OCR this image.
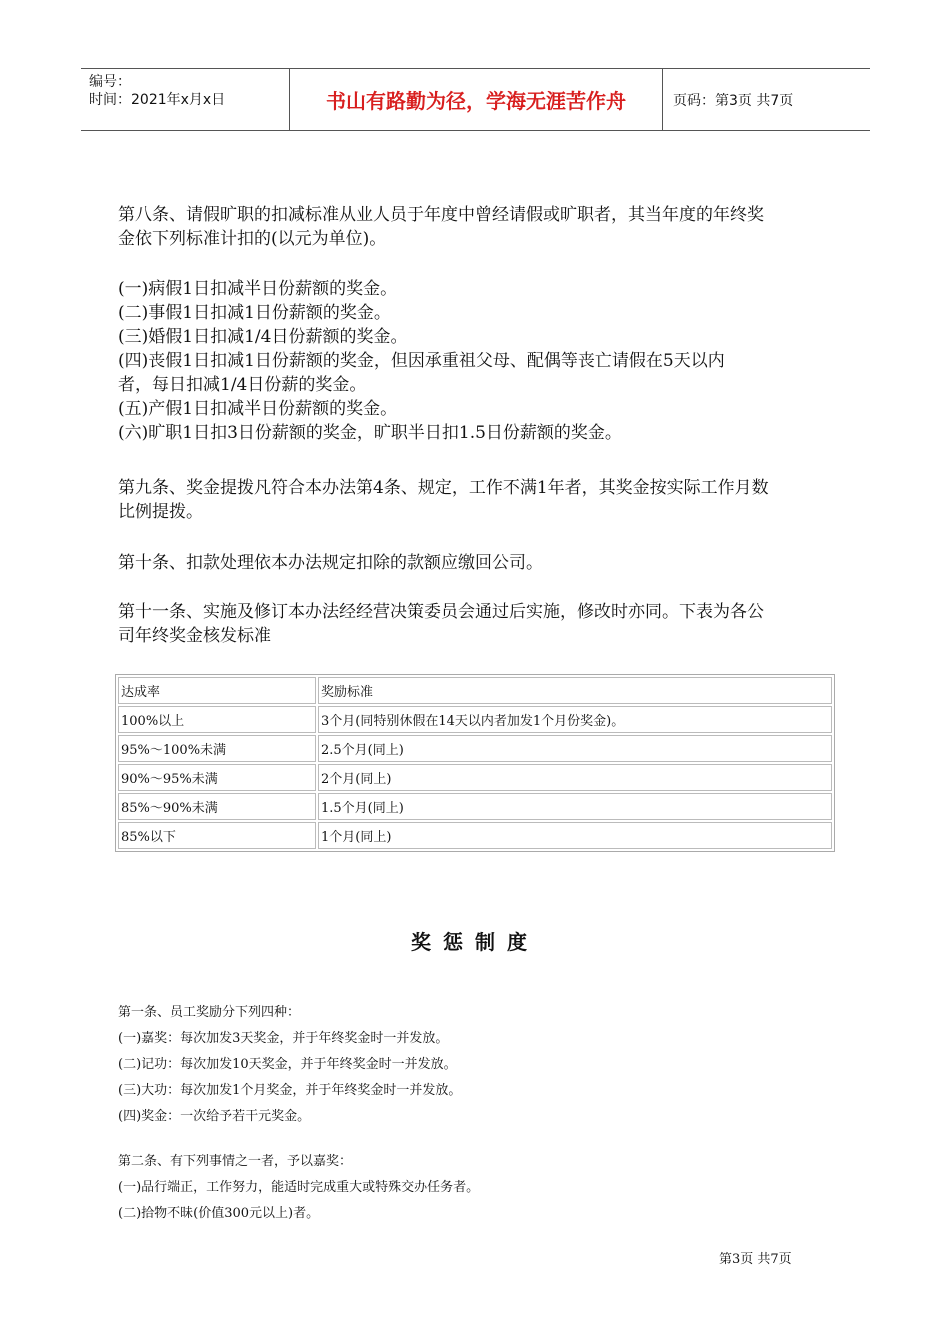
编号：
时间：2021年x月x日	书山有路勤为径，学海无涯苦作舟	页码：第3页 共7页

第八条、请假旷职的扣减标准从业人员于年度中曾经请假或旷职者，其当年度的年终奖
金依下列标准计扣的(以元为单位)。

(一)病假1日扣减半日份薪额的奖金。
(二)事假1日扣减1日份薪额的奖金。
(三)婚假1日扣减1/4日份薪额的奖金。
(四)丧假1日扣减1日份薪额的奖金，但因承重祖父母、配偶等丧亡请假在5天以内
者，每日扣减1/4日份薪的奖金。
(五)产假1日扣减半日份薪额的奖金。
(六)旷职1日扣3日份薪额的奖金，旷职半日扣1.5日份薪额的奖金。

第九条、奖金提拨凡符合本办法第4条、规定，工作不满1年者，其奖金按实际工作月数
比例提拨。

第十条、扣款处理依本办法规定扣除的款额应缴回公司。

第十一条、实施及修订本办法经经营决策委员会通过后实施，修改时亦同。下表为各公
司年终奖金核发标准

达成率	奖励标准
100%以上	3个月(同特别休假在14天以内者加发1个月份奖金)。
95%～100%未满	2.5个月(同上)
90%～95%未满	2个月(同上)
85%～90%未满	1.5个月(同上)
85%以下	1个月(同上)
奖惩制度

第一条、员工奖励分下列四种：
(一)嘉奖：每次加发3天奖金，并于年终奖金时一并发放。
(二)记功：每次加发10天奖金，并于年终奖金时一并发放。
(三)大功：每次加发1个月奖金，并于年终奖金时一并发放。
(四)奖金：一次给予若干元奖金。

第二条、有下列事情之一者，予以嘉奖：
(一)品行端正，工作努力，能适时完成重大或特殊交办任务者。
(二)拾物不昧(价值300元以上)者。

第3页 共7页
